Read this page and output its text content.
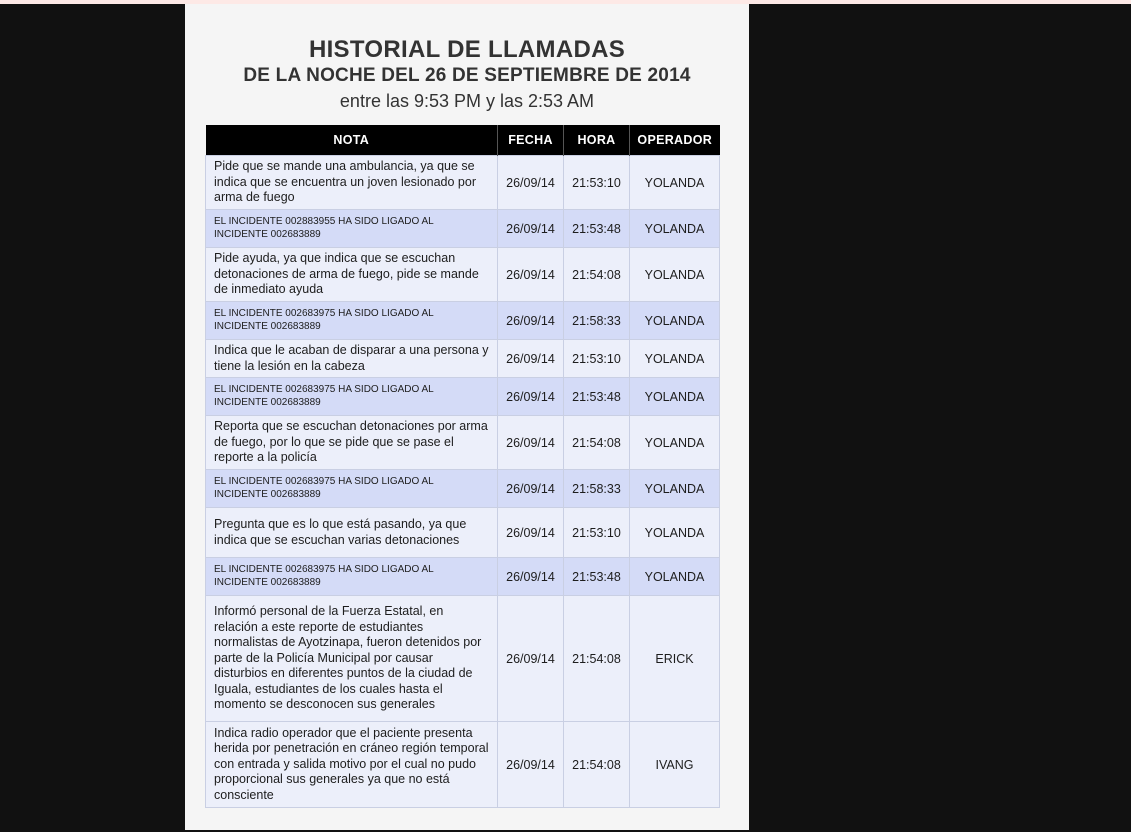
HISTORIAL DE LLAMADAS
DE LA NOCHE DEL 26 DE SEPTIEMBRE DE 2014
entre las 9:53 PM y las 2:53 AM
NOTA	FECHA	HORA	OPERADOR
Pide que se mande una ambulancia, ya que se indica que se encuentra un joven lesionado por arma de fuego	26/09/14	21:53:10	YOLANDA
EL INCIDENTE 002883955 HA SIDO LIGADO AL INCIDENTE 002683889	26/09/14	21:53:48	YOLANDA
Pide ayuda, ya que indica que se escuchan detonaciones de arma de fuego, pide se mande de inmediato ayuda	26/09/14	21:54:08	YOLANDA
EL INCIDENTE 002683975 HA SIDO LIGADO AL INCIDENTE 002683889	26/09/14	21:58:33	YOLANDA
Indica que le acaban de disparar a una persona y tiene la lesión en la cabeza	26/09/14	21:53:10	YOLANDA
EL INCIDENTE 002683975 HA SIDO LIGADO AL INCIDENTE 002683889	26/09/14	21:53:48	YOLANDA
Reporta que se escuchan detonaciones por arma de fuego, por lo que se pide que se pase el reporte a la policía	26/09/14	21:54:08	YOLANDA
EL INCIDENTE 002683975 HA SIDO LIGADO AL INCIDENTE 002683889	26/09/14	21:58:33	YOLANDA
Pregunta que es lo que está pasando, ya que indica que se escuchan varias detonaciones	26/09/14	21:53:10	YOLANDA
EL INCIDENTE 002683975 HA SIDO LIGADO AL INCIDENTE 002683889	26/09/14	21:53:48	YOLANDA
Informó personal de la Fuerza Estatal, en relación a este reporte de estudiantes normalistas de Ayotzinapa, fueron detenidos por parte de la Policía Municipal por causar disturbios en diferentes puntos de la ciudad de Iguala, estudiantes de los cuales hasta el momento se desconocen sus generales	26/09/14	21:54:08	ERICK
Indica radio operador que el paciente presenta herida por penetración en cráneo región temporal con entrada y salida motivo por el cual no pudo proporcional sus generales ya que no está consciente	26/09/14	21:54:08	IVANG
